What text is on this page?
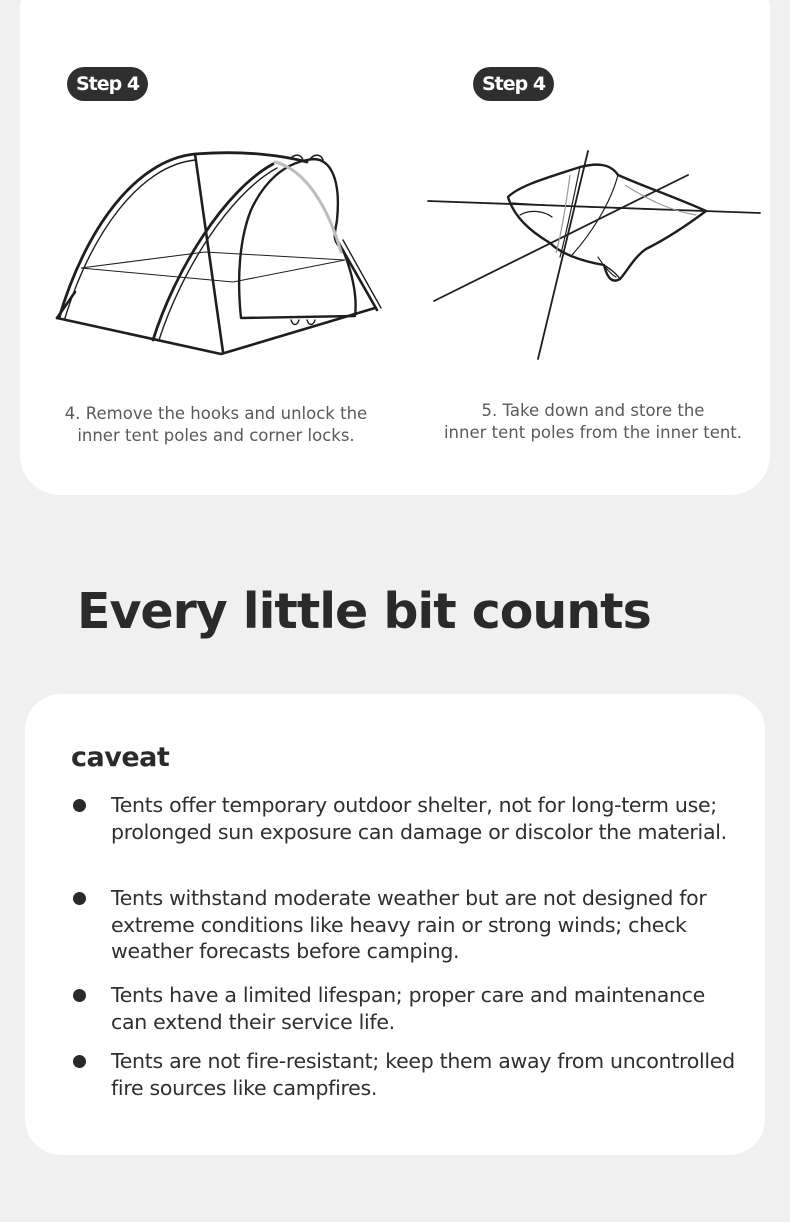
Step 4	Step 4
4. Remove the hooks and unlock the
inner tent poles and corner locks.
5. Take down and store the
inner tent poles from the inner tent.
Every little bit counts
caveat
Tents offer temporary outdoor shelter, not for long-term use; prolonged sun exposure can damage or discolor the material.
Tents withstand moderate weather but are not designed for extreme conditions like heavy rain or strong winds; check weather forecasts before camping.
Tents have a limited lifespan; proper care and maintenance can extend their service life.
Tents are not fire-resistant; keep them away from uncontrolled fire sources like campfires.
